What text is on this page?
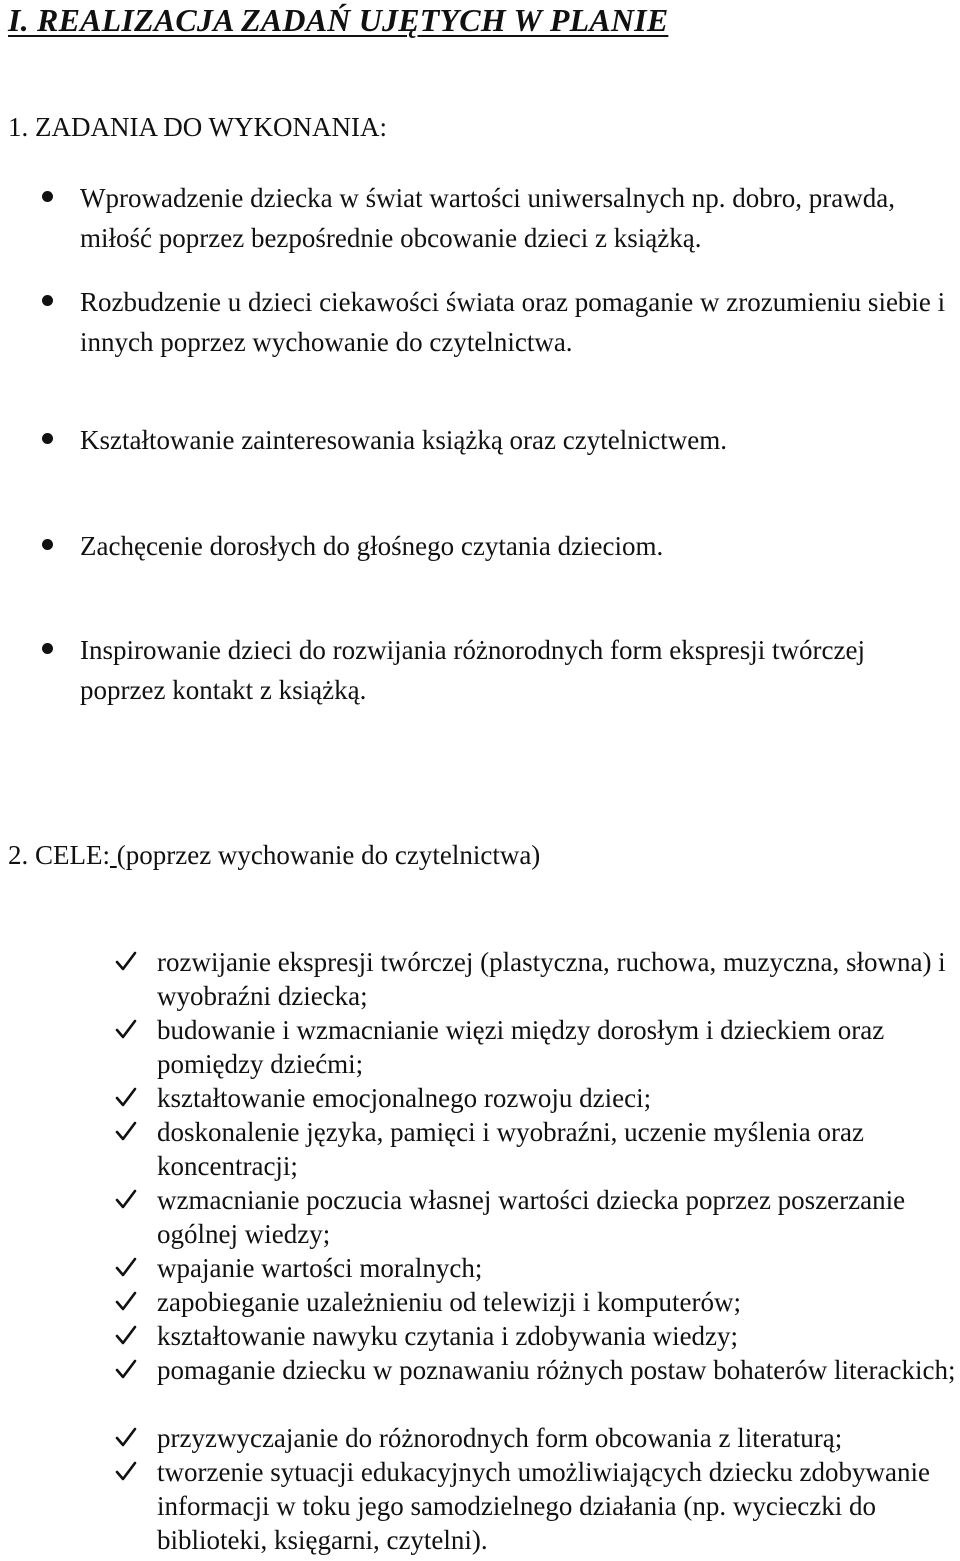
I. REALIZACJA ZADAŃ UJĘTYCH W PLANIE
1. ZADANIA DO WYKONANIA:
Wprowadzenie dziecka w świat wartości uniwersalnych np. dobro, prawda, miłość poprzez bezpośrednie obcowanie dzieci z książką.
Rozbudzenie u dzieci ciekawości świata oraz pomaganie w zrozumieniu siebie i innych poprzez wychowanie do czytelnictwa.
Kształtowanie zainteresowania książką oraz czytelnictwem.
Zachęcenie dorosłych do głośnego czytania dzieciom.
Inspirowanie dzieci do rozwijania różnorodnych form ekspresji twórczej poprzez kontakt z książką.
2. CELE: (poprzez wychowanie do czytelnictwa)
rozwijanie ekspresji twórczej (plastyczna, ruchowa, muzyczna, słowna) i wyobraźni dziecka;
budowanie i wzmacnianie więzi między dorosłym i dzieckiem oraz pomiędzy dziećmi;
kształtowanie emocjonalnego rozwoju dzieci;
doskonalenie języka, pamięci i wyobraźni, uczenie myślenia oraz koncentracji;
wzmacnianie poczucia własnej wartości dziecka poprzez poszerzanie ogólnej wiedzy;
wpajanie wartości moralnych;
zapobieganie uzależnieniu od telewizji i komputerów;
kształtowanie nawyku czytania i zdobywania wiedzy;
pomaganie dziecku w poznawaniu różnych postaw bohaterów literackich;
przyzwyczajanie do różnorodnych form obcowania z literaturą;
tworzenie sytuacji edukacyjnych umożliwiających dziecku zdobywanie informacji w toku jego samodzielnego działania (np. wycieczki do biblioteki, księgarni, czytelni).
